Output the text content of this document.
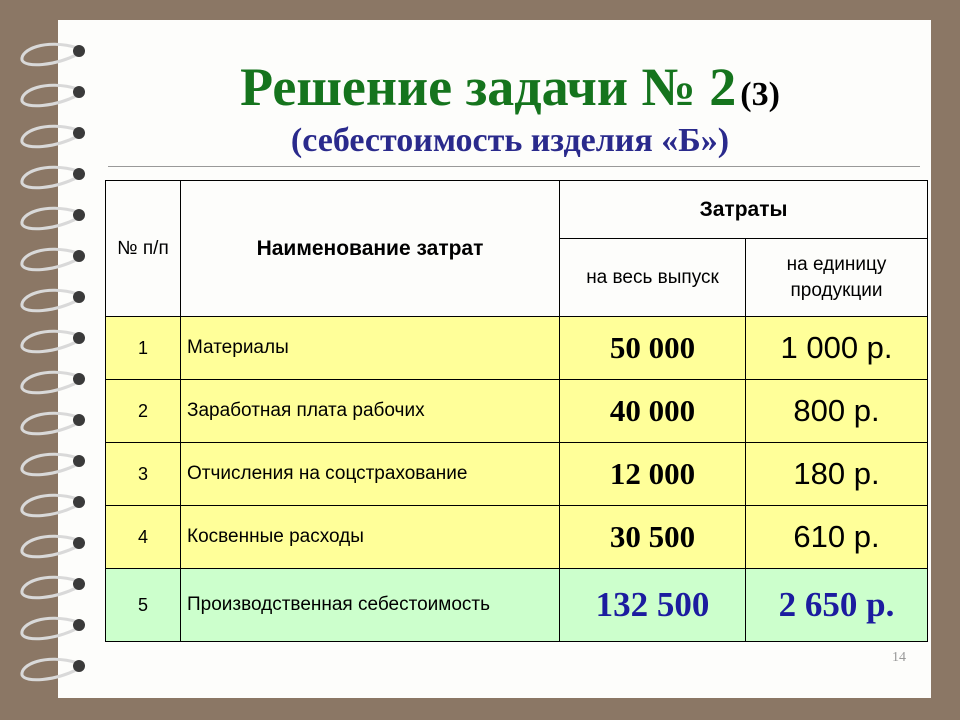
Решение задачи № 2 (3)
(себестоимость изделия «Б»)
№ п/п	Наименование затрат	Затраты	
		на весь выпуск	на единицу продукции
1	Материалы	50 000	1 000 р.
2	Заработная плата рабочих	40 000	800 р.
3	Отчисления на соцстрахование	12 000	180 р.
4	Косвенные расходы	30 500	610 р.
5	Производственная себестоимость	132 500	2 650 р.
14
